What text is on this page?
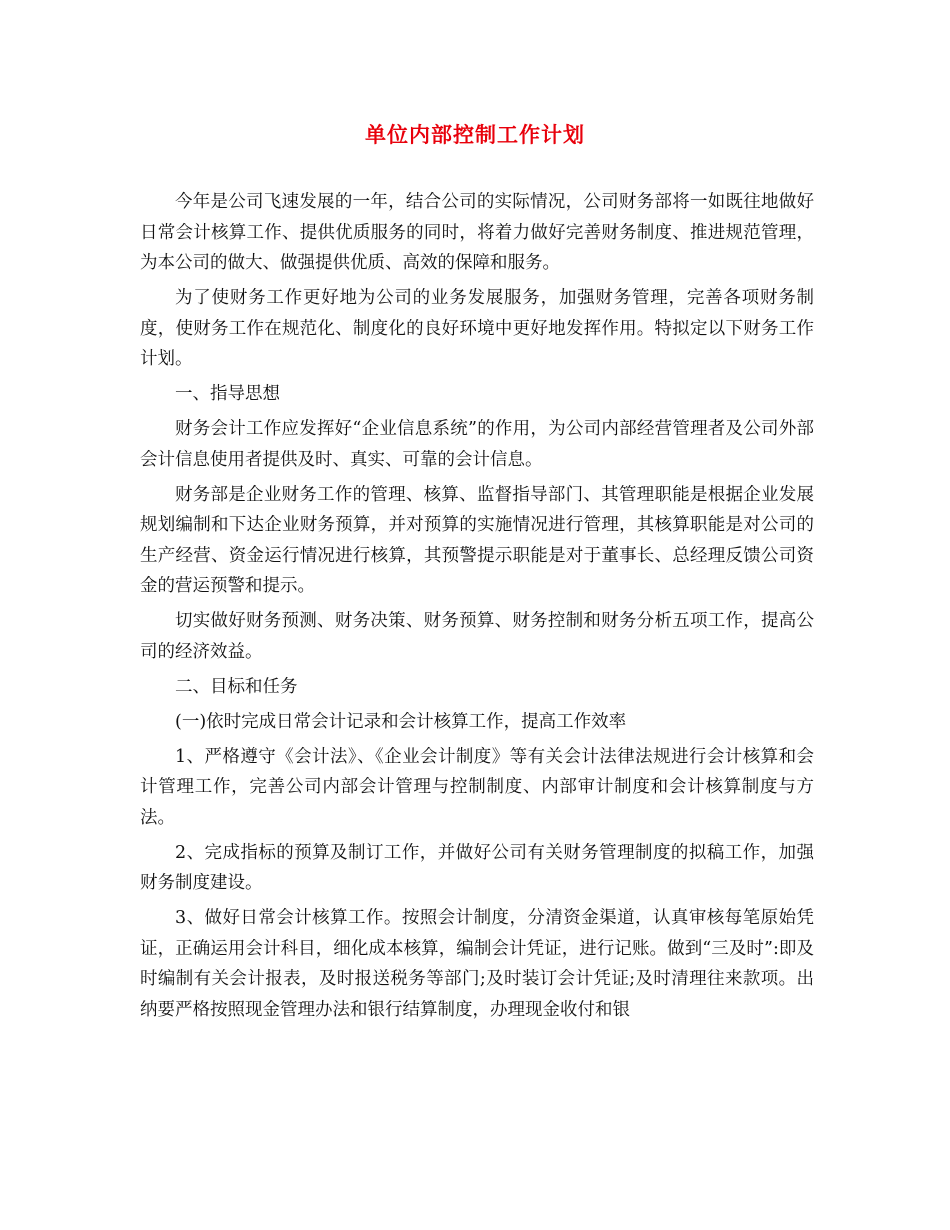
单位内部控制工作计划

今年是公司飞速发展的一年，结合公司的实际情况，公司财务部将一如既往地做好日常会计核算工作、提供优质服务的同时，将着力做好完善财务制度、推进规范管理，为本公司的做大、做强提供优质、高效的保障和服务。

为了使财务工作更好地为公司的业务发展服务，加强财务管理，完善各项财务制度，使财务工作在规范化、制度化的良好环境中更好地发挥作用。特拟定以下财务工作计划。

一、指导思想

财务会计工作应发挥好“企业信息系统”的作用，为公司内部经营管理者及公司外部会计信息使用者提供及时、真实、可靠的会计信息。

财务部是企业财务工作的管理、核算、监督指导部门、其管理职能是根据企业发展规划编制和下达企业财务预算，并对预算的实施情况进行管理，其核算职能是对公司的生产经营、资金运行情况进行核算，其预警提示职能是对于董事长、总经理反馈公司资金的营运预警和提示。

切实做好财务预测、财务决策、财务预算、财务控制和财务分析五项工作，提高公司的经济效益。

二、目标和任务

(一)依时完成日常会计记录和会计核算工作，提高工作效率

1、严格遵守《会计法》、《企业会计制度》等有关会计法律法规进行会计核算和会计管理工作，完善公司内部会计管理与控制制度、内部审计制度和会计核算制度与方法。

2、完成指标的预算及制订工作，并做好公司有关财务管理制度的拟稿工作，加强财务制度建设。

3、做好日常会计核算工作。按照会计制度，分清资金渠道，认真审核每笔原始凭证，正确运用会计科目，细化成本核算，编制会计凭证，进行记账。做到“三及时”:即及时编制有关会计报表，及时报送税务等部门;及时装订会计凭证;及时清理往来款项。出纳要严格按照现金管理办法和银行结算制度，办理现金收付和银
